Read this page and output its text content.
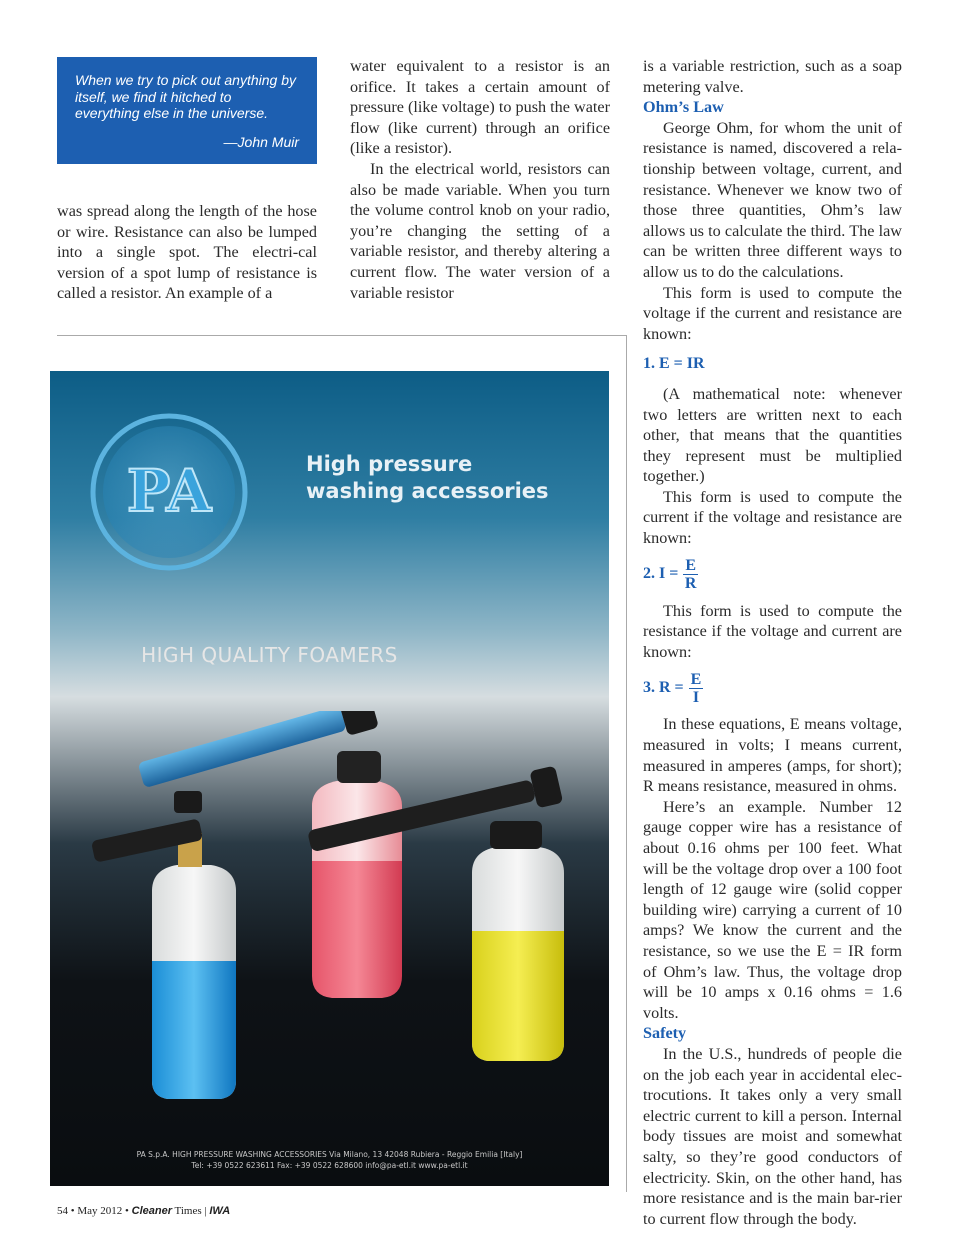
When we try to pick out anything by itself, we find it hitched to everything else in the universe.
—John Muir

was spread along the length of the hose or wire. Resistance can also be lumped into a single spot. The electri-cal version of a spot lump of resistance is called a resistor. An example of a

water equivalent to a resistor is an orifice. It takes a certain amount of pressure (like voltage) to push the water flow (like current) through an orifice (like a resistor).

In the electrical world, resistors can also be made variable. When you turn the volume control knob on your radio, you’re changing the setting of a variable resistor, and thereby altering a current flow. The water version of a variable resistor

is a variable restriction, such as a soap metering valve.

Ohm’s Law

George Ohm, for whom the unit of resistance is named, discovered a rela-tionship between voltage, current, and resistance. Whenever we know two of those three quantities, Ohm’s law allows us to calculate the third. The law can be written three different ways to allow us to do the calculations.

This form is used to compute the voltage if the current and resistance are known:

1. E = IR

(A mathematical note: whenever two letters are written next to each other, that means that the quantities they represent must be multiplied together.)

This form is used to compute the current if the voltage and resistance are known:

2. $I = \frac{E}{R}$

This form is used to compute the resistance if the voltage and current are known:

3. $R = \frac{E}{I}$

In these equations, E means voltage, measured in volts; I means current, measured in amperes (amps, for short); R means resistance, measured in ohms.

Here’s an example. Number 12 gauge copper wire has a resistance of about 0.16 ohms per 100 feet. What will be the voltage drop over a 100 foot length of 12 gauge wire (solid copper building wire) carrying a current of 10 amps? We know the current and the resistance, so we use the E = IR form of Ohm’s law. Thus, the voltage drop will be 10 amps x 0.16 ohms = 1.6 volts.

Safety

In the U.S., hundreds of people die on the job each year in accidental elec-trocutions. It takes only a very small electric current to kill a person. Internal body tissues are moist and somewhat salty, so they’re good conductors of electricity. Skin, on the other hand, has more resistance and is the main bar-rier to current flow through the body.

PA	High pressure
washing accessories
HIGH QUALITY FOAMERS
PA S.p.A. HIGH PRESSURE WASHING ACCESSORIES Via Milano, 13 42048 Rubiera - Reggio Emilia [Italy]
Tel: +39 0522 623611 Fax: +39 0522 628600 info@pa-etl.it www.pa-etl.it
54 • May 2012 • Cleaner Times | IWA
